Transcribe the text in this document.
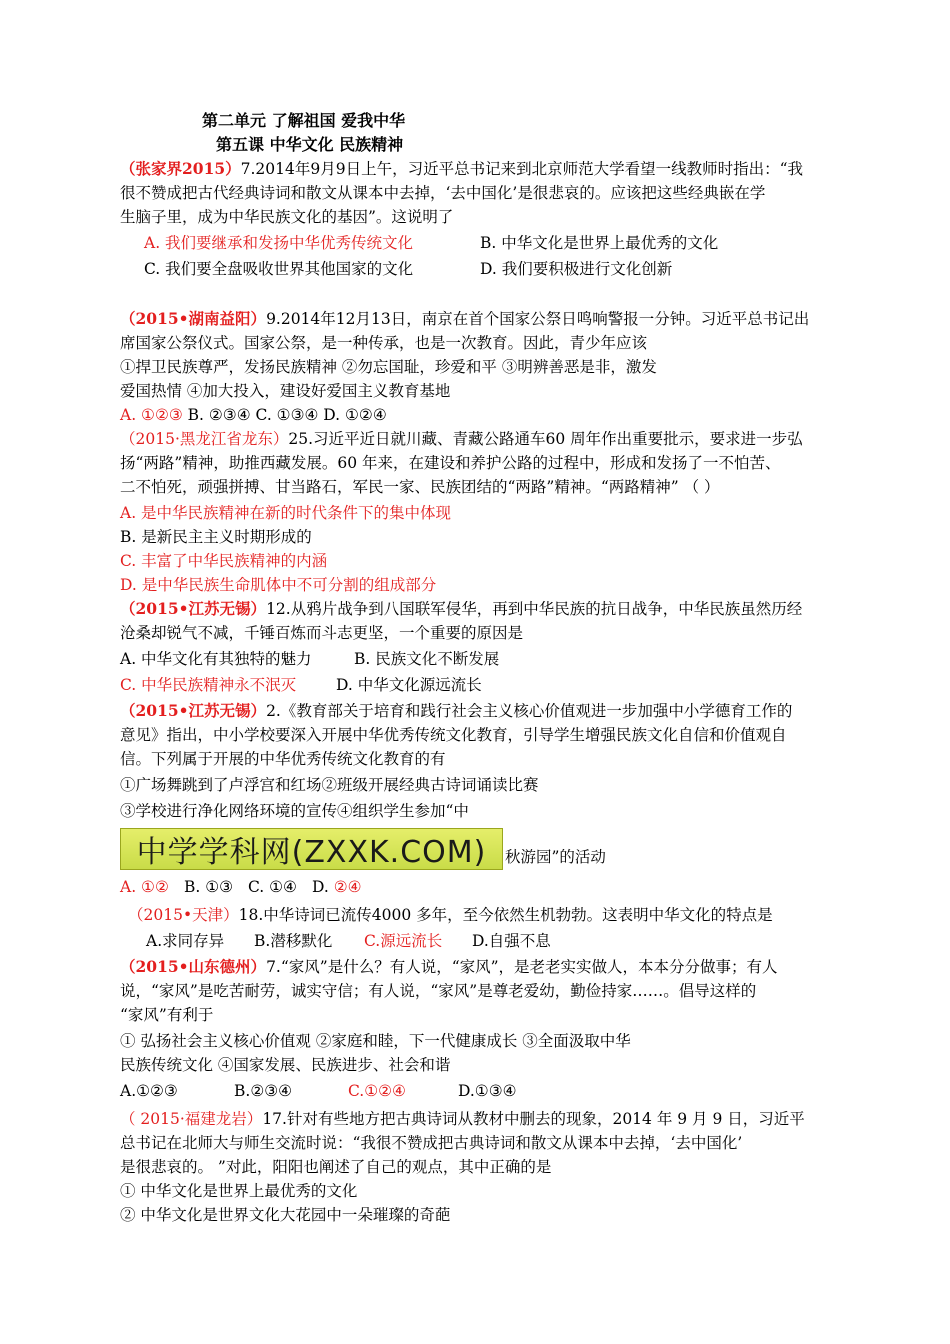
第二单元 了解祖国 爱我中华
第五课 中华文化 民族精神
（张家界2015）7.2014年9月9日上午，习近平总书记来到北京师范大学看望一线教师时指出：“我
很不赞成把古代经典诗词和散文从课本中去掉，‘去中国化’是很悲哀的。应该把这些经典嵌在学
生脑子里，成为中华民族文化的基因”。这说明了
A. 我们要继承和发扬中华优秀传统文化	B. 中华文化是世界上最优秀的文化
C. 我们要全盘吸收世界其他国家的文化	D. 我们要积极进行文化创新
（2015•湖南益阳）9.2014年12月13日，南京在首个国家公祭日鸣响警报一分钟。习近平总书记出
席国家公祭仪式。国家公祭，是一种传承，也是一次教育。因此，青少年应该
①捍卫民族尊严，发扬民族精神 ②勿忘国耻，珍爱和平 ③明辨善恶是非，激发
爱国热情 ④加大投入，建设好爱国主义教育基地
A. ①②③ B. ②③④ C. ①③④ D. ①②④
（2015·黑龙江省龙东）25.习近平近日就川藏、青藏公路通车60 周年作出重要批示，要求进一步弘
扬“两路”精神，助推西藏发展。60 年来，在建设和养护公路的过程中，形成和发扬了一不怕苦、
二不怕死，顽强拼搏、甘当路石，军民一家、民族团结的“两路”精神。“两路精神” （ ）
A. 是中华民族精神在新的时代条件下的集中体现
B. 是新民主主义时期形成的
C. 丰富了中华民族精神的内涵
D. 是中华民族生命肌体中不可分割的组成部分
（2015•江苏无锡）12.从鸦片战争到八国联军侵华，再到中华民族的抗日战争，中华民族虽然历经
沧桑却锐气不减，千锤百炼而斗志更坚，一个重要的原因是
A. 中华文化有其独特的魅力	B. 民族文化不断发展
C. 中华民族精神永不泯灭	D. 中华文化源远流长
（2015•江苏无锡）2.《教育部关于培育和践行社会主义核心价值观进一步加强中小学德育工作的
意见》指出，中小学校要深入开展中华优秀传统文化教育，引导学生增强民族文化自信和价值观自
信。下列属于开展的中华优秀传统文化教育的有
①广场舞跳到了卢浮宫和红场②班级开展经典古诗词诵读比赛
③学校进行净化网络环境的宣传④组织学生参加“中
中学学科网(ZXXK.COM) 秋游园”的活动
A. ①② B. ①③ C. ①④ D. ②④
（2015•天津）18.中华诗词已流传4000 多年，至今依然生机勃勃。这表明中华文化的特点是
A.求同存异 B.潜移默化 C.源远流长 D.自强不息
（2015•山东德州）7.“家风”是什么？有人说，“家风”，是老老实实做人，本本分分做事；有人
说，“家风”是吃苦耐劳，诚实守信；有人说，“家风”是尊老爱幼，勤俭持家……。倡导这样的
“家风”有利于
① 弘扬社会主义核心价值观 ②家庭和睦，下一代健康成长 ③全面汲取中华
民族传统文化 ④国家发展、民族进步、社会和谐
A.①②③	B.②③④	C.①②④	D.①③④
（ 2015·福建龙岩）17.针对有些地方把古典诗词从教材中删去的现象，2014 年 9 月 9 日，习近平
总书记在北师大与师生交流时说：“我很不赞成把古典诗词和散文从课本中去掉，‘去中国化’
是很悲哀的。 ”对此，阳阳也阐述了自己的观点，其中正确的是
① 中华文化是世界上最优秀的文化
② 中华文化是世界文化大花园中一朵璀璨的奇葩
